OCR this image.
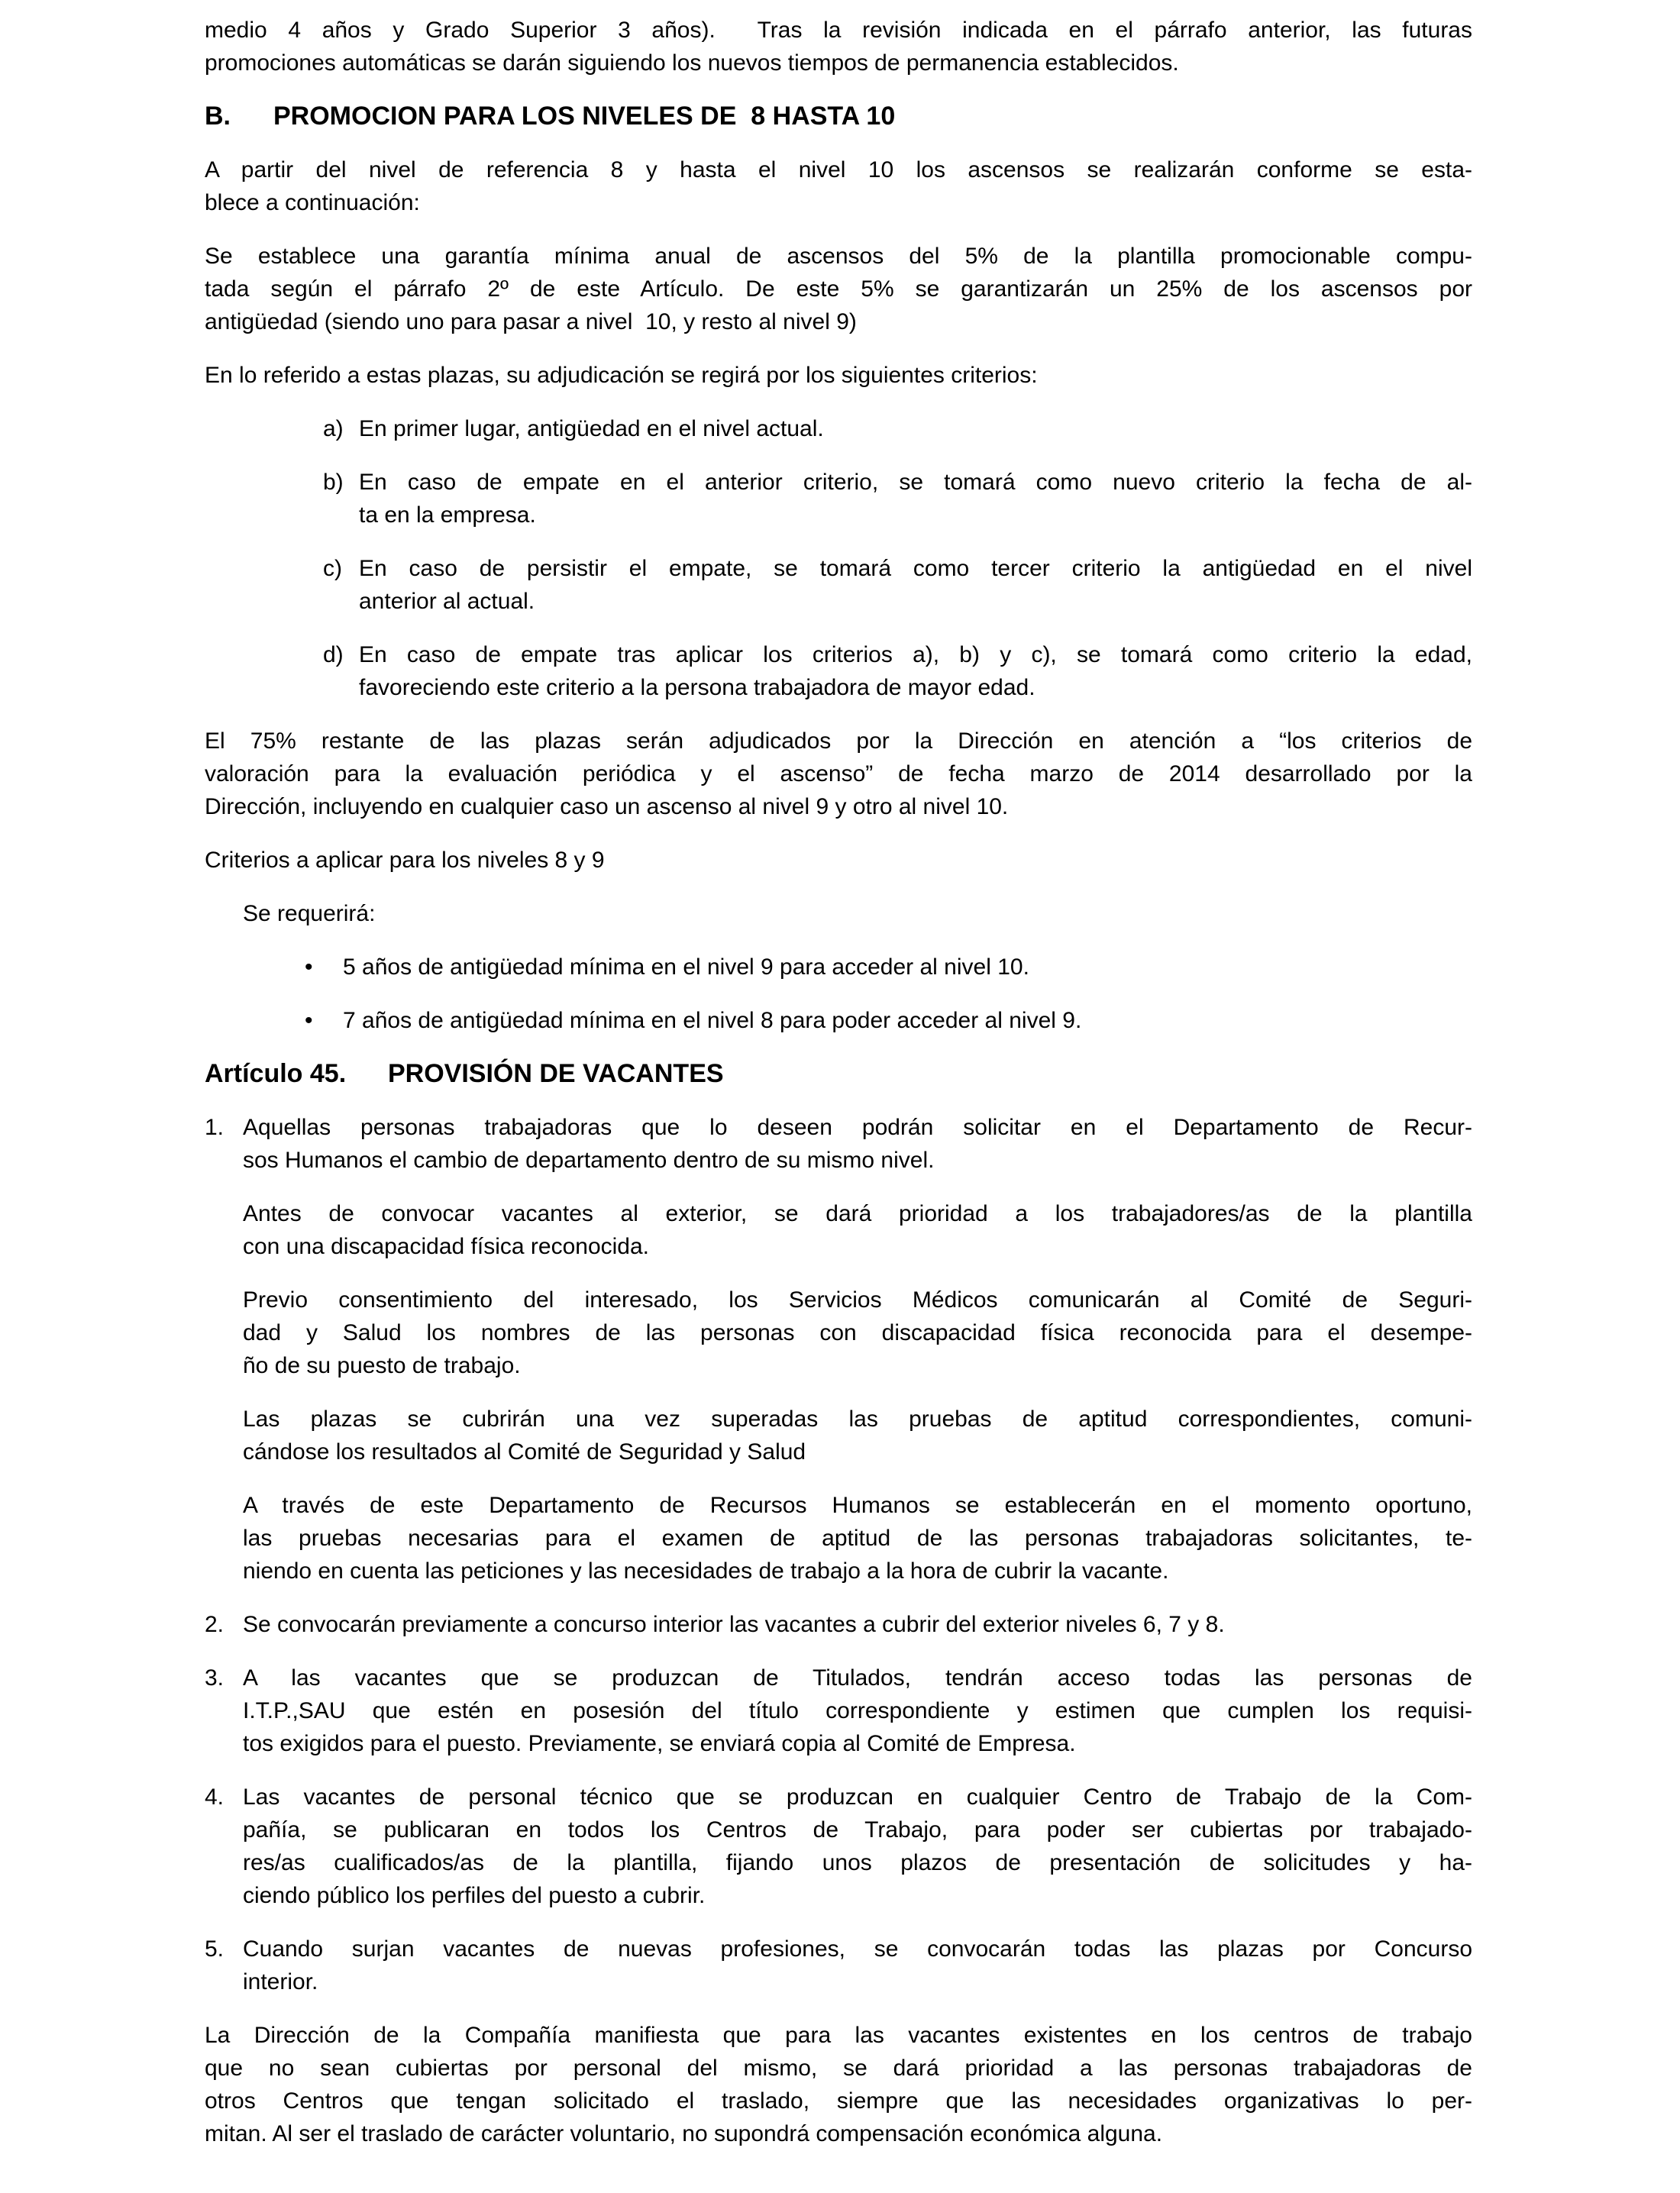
medio 4 años y Grado Superior 3 años).  Tras la revisión indicada en el párrafo anterior, las futuras
promociones automáticas se darán siguiendo los nuevos tiempos de permanencia establecidos.
B. PROMOCION PARA LOS NIVELES DE  8 HASTA 10
A partir del nivel de referencia 8 y hasta el nivel 10 los ascensos se realizarán conforme se esta-
blece a continuación:
Se establece una garantía mínima anual de ascensos del 5% de la plantilla promocionable compu-
tada según el párrafo 2º de este Artículo. De este 5% se garantizarán un 25% de los ascensos por
antigüedad (siendo uno para pasar a nivel  10, y resto al nivel 9)
En lo referido a estas plazas, su adjudicación se regirá por los siguientes criterios:
a) En primer lugar, antigüedad en el nivel actual.
b) En caso de empate en el anterior criterio, se tomará como nuevo criterio la fecha de al-
ta en la empresa.
c) En caso de persistir el empate, se tomará como tercer criterio la antigüedad en el nivel
anterior al actual.
d) En caso de empate tras aplicar los criterios a), b) y c), se tomará como criterio la edad,
favoreciendo este criterio a la persona trabajadora de mayor edad.
El 75% restante de las plazas serán adjudicados por la Dirección en atención a “los criterios de
valoración para la evaluación periódica y el ascenso” de fecha marzo de 2014 desarrollado por la
Dirección, incluyendo en cualquier caso un ascenso al nivel 9 y otro al nivel 10.
Criterios a aplicar para los niveles 8 y 9
Se requerirá:
• 5 años de antigüedad mínima en el nivel 9 para acceder al nivel 10.
• 7 años de antigüedad mínima en el nivel 8 para poder acceder al nivel 9.
Artículo 45. PROVISIÓN DE VACANTES
1. Aquellas personas trabajadoras que lo deseen podrán solicitar en el Departamento de Recur-
sos Humanos el cambio de departamento dentro de su mismo nivel.
Antes de convocar vacantes al exterior, se dará prioridad a los trabajadores/as de la plantilla
con una discapacidad física reconocida.
Previo consentimiento del interesado, los Servicios Médicos comunicarán al Comité de Seguri-
dad y Salud los nombres de las personas con discapacidad física reconocida para el desempe-
ño de su puesto de trabajo.
Las plazas se cubrirán una vez superadas las pruebas de aptitud correspondientes, comuni-
cándose los resultados al Comité de Seguridad y Salud
A través de este Departamento de Recursos Humanos se establecerán en el momento oportuno,
las pruebas necesarias para el examen de aptitud de las personas trabajadoras solicitantes, te-
niendo en cuenta las peticiones y las necesidades de trabajo a la hora de cubrir la vacante.
2. Se convocarán previamente a concurso interior las vacantes a cubrir del exterior niveles 6, 7 y 8.
3. A las vacantes que se produzcan de Titulados, tendrán acceso todas las personas de
I.T.P.,SAU que estén en posesión del título correspondiente y estimen que cumplen los requisi-
tos exigidos para el puesto. Previamente, se enviará copia al Comité de Empresa.
4. Las vacantes de personal técnico que se produzcan en cualquier Centro de Trabajo de la Com-
pañía, se publicaran en todos los Centros de Trabajo, para poder ser cubiertas por trabajado-
res/as cualificados/as de la plantilla, fijando unos plazos de presentación de solicitudes y ha-
ciendo público los perfiles del puesto a cubrir.
5. Cuando surjan vacantes de nuevas profesiones, se convocarán todas las plazas por Concurso
interior.
La Dirección de la Compañía manifiesta que para las vacantes existentes en los centros de trabajo
que no sean cubiertas por personal del mismo, se dará prioridad a las personas trabajadoras de
otros Centros que tengan solicitado el traslado, siempre que las necesidades organizativas lo per-
mitan. Al ser el traslado de carácter voluntario, no supondrá compensación económica alguna.
